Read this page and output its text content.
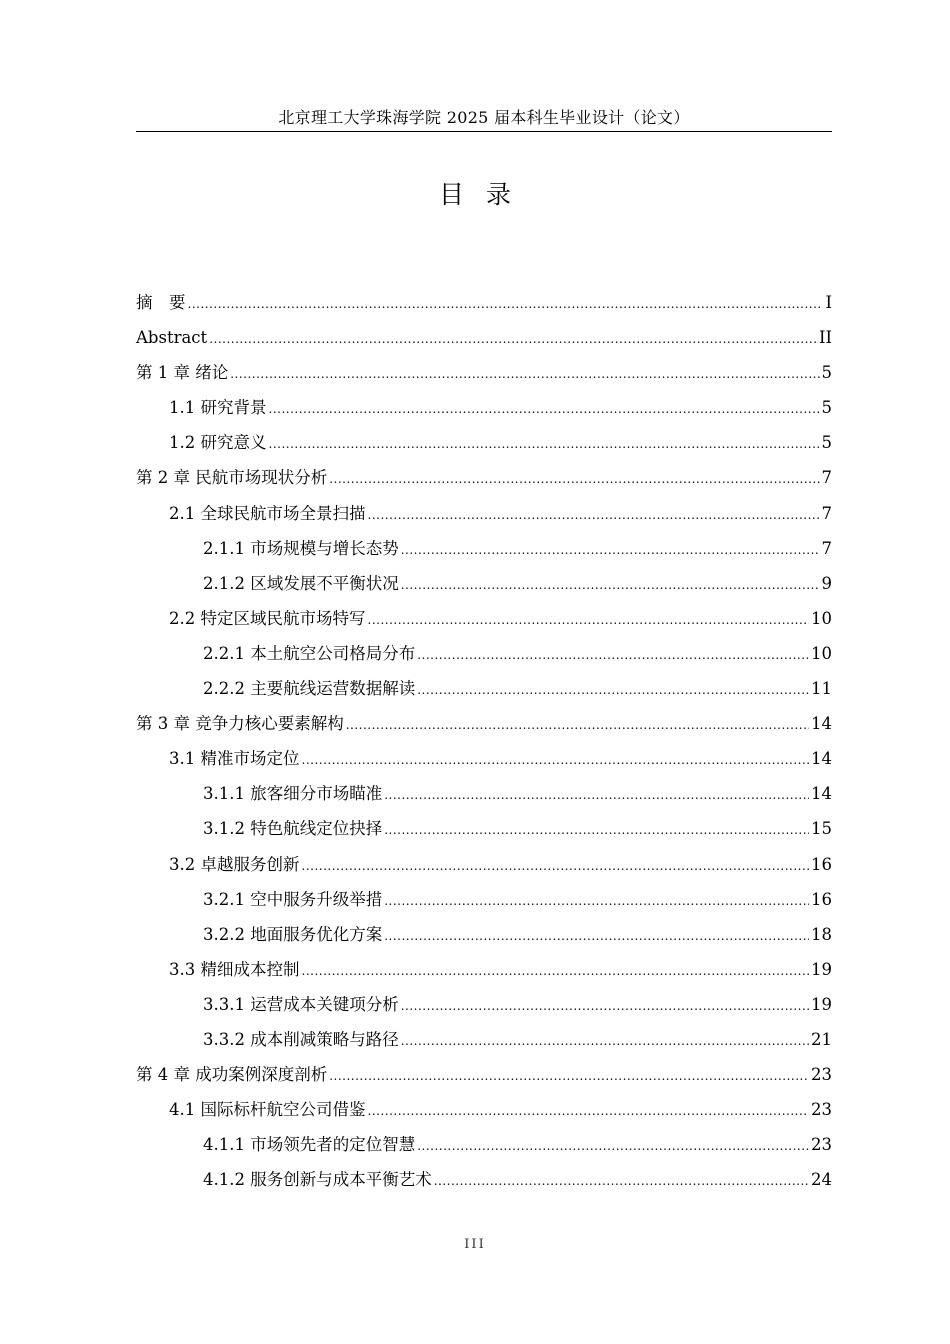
北京理工大学珠海学院 2025 届本科生毕业设计（论文）
目录
摘　要 .....	I
Abstract .....	II
第 1 章 绪论 .....	5
1.1 研究背景 .....	5
1.2 研究意义 .....	5
第 2 章 民航市场现状分析 .....	7
2.1 全球民航市场全景扫描 .....	7
2.1.1 市场规模与增长态势 .....	7
2.1.2 区域发展不平衡状况 .....	9
2.2 特定区域民航市场特写 .....	10
2.2.1 本土航空公司格局分布 .....	10
2.2.2 主要航线运营数据解读 .....	11
第 3 章 竞争力核心要素解构 .....	14
3.1 精准市场定位 .....	14
3.1.1 旅客细分市场瞄准 .....	14
3.1.2 特色航线定位抉择 .....	15
3.2 卓越服务创新 .....	16
3.2.1 空中服务升级举措 .....	16
3.2.2 地面服务优化方案 .....	18
3.3 精细成本控制 .....	19
3.3.1 运营成本关键项分析 .....	19
3.3.2 成本削减策略与路径 .....	21
第 4 章 成功案例深度剖析 .....	23
4.1 国际标杆航空公司借鉴 .....	23
4.1.1 市场领先者的定位智慧 .....	23
4.1.2 服务创新与成本平衡艺术 .....	24
III
